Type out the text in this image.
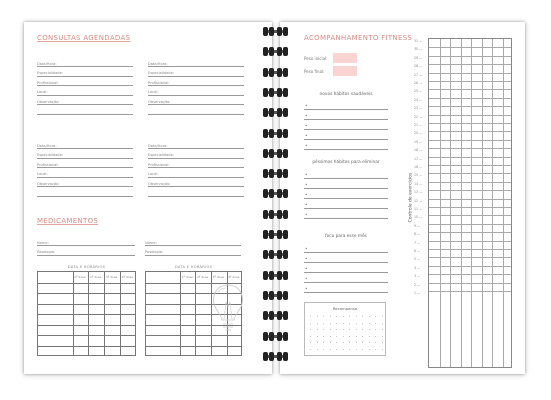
CONSULTAS AGENDADAS
Data/Hora:
Especialidade:
Profissional:
Local:
Observação:
Data/Hora:
Especialidade:
Profissional:
Local:
Observação:
Data/Hora:
Especialidade:
Profissional:
Local:
Observação:
Data/Hora:
Especialidade:
Profissional:
Local:
Observação:
MEDICAMENTOS
Nome:
Posologia:
DATA E HORÁRIOS
1ª dose 2ª dose 3ª dose 4ª dose
Nome:
Posologia:
DATA E HORÁRIOS
1ª dose 2ª dose 3ª dose 4ª dose
ACOMPANHAMENTO FITNESS
Peso inicial:
Peso final:
novos hábitos saudáveis
péssimos hábitos para eliminar
foco para esse mês
•
•
•
•
•
•
•
•
•
•
•
•
•
•
•
Recompensa
Controle de exercícios
31 —
30 —
29 —
28 —
27 —
26 —
25 —
24 —
23 —
22 —
21 —
20 —
19 —
18 —
17 —
16 —
15 —
14 —
13 —
12 —
11 —
10 —
9 —
8 —
7 —
6 —
5 —
4 —
3 —
2 —
1 —
